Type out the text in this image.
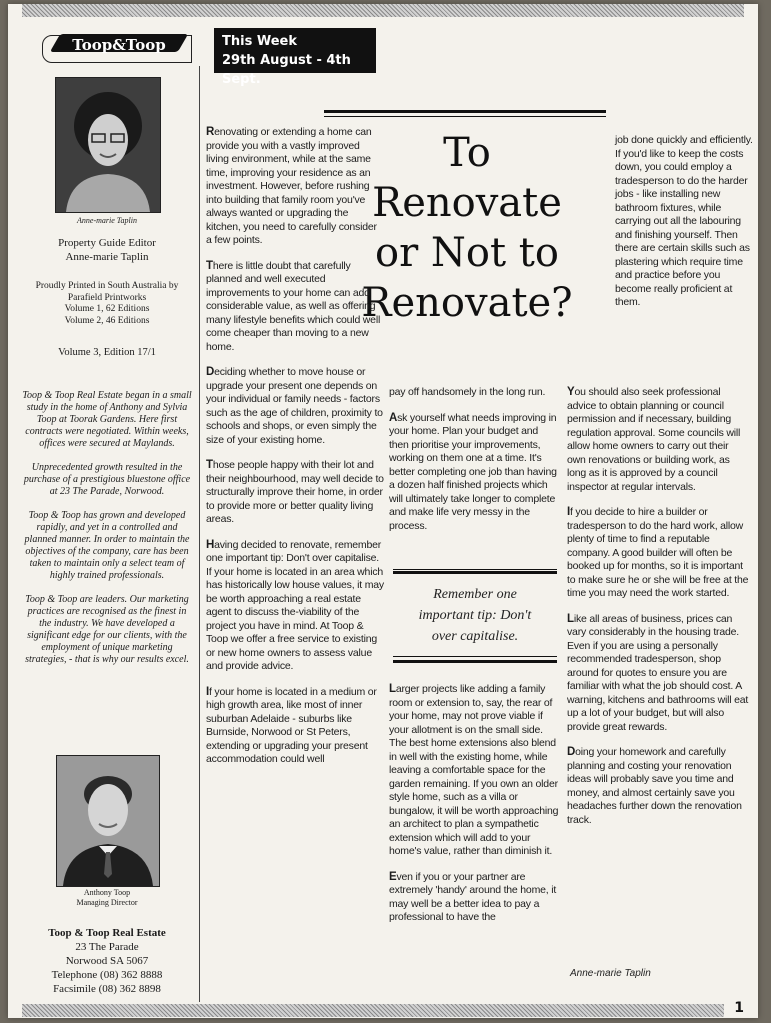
Toop&Toop	This Week
29th August - 4th Sept.
Anne-marie Taplin
Property Guide Editor
Anne-marie Taplin
Proudly Printed in South Australia by
Parafield Printworks
Volume 1, 62 Editions
Volume 2, 46 Editions
Volume 3, Edition 17/1

Toop & Toop Real Estate began in a small study in the home of Anthony and Sylvia Toop at Toorak Gardens. Here first contracts were negotiated. Within weeks, offices were secured at Maylands.

Unprecedented growth resulted in the purchase of a prestigious bluestone office at 23 The Parade, Norwood.

Toop & Toop has grown and developed rapidly, and yet in a controlled and planned manner. In order to maintain the objectives of the company, care has been taken to maintain only a select team of highly trained professionals.

Toop & Toop are leaders. Our marketing practices are recognised as the finest in the industry. We have developed a significant edge for our clients, with the employment of unique marketing strategies, - that is why our results excel.

Anthony Toop
Managing Director
Toop & Toop Real Estate
23 The Parade
Norwood SA 5067
Telephone (08) 362 8888
Facsimile (08) 362 8898
To
Renovate
or Not to
Renovate?

Renovating or extending a home can provide you with a vastly improved living environment, while at the same time, improving your residence as an investment. However, before rushing into building that family room you've always wanted or upgrading the kitchen, you need to carefully consider a few points.

There is little doubt that carefully planned and well executed improvements to your home can add considerable value, as well as offering many lifestyle benefits which could well come cheaper than moving to a new home.

Deciding whether to move house or upgrade your present one depends on your individual or family needs - factors such as the age of children, proximity to schools and shops, or even simply the size of your existing home.

Those people happy with their lot and their neighbourhood, may well decide to structurally improve their home, in order to provide more or better quality living areas.

Having decided to renovate, remember one important tip: Don't over capitalise. If your home is located in an area which has historically low house values, it may be worth approaching a real estate agent to discuss the-viability of the project you have in mind. At Toop & Toop we offer a free service to existing or new home owners to assess value and provide advice.

If your home is located in a medium or high growth area, like most of inner suburban Adelaide - suburbs like Burnside, Norwood or St Peters, extending or upgrading your present accommodation could well

pay off handsomely in the long run.

Ask yourself what needs improving in your home. Plan your budget and then prioritise your improvements, working on them one at a time. It's better completing one job than having a dozen half finished projects which will ultimately take longer to complete and make life very messy in the process.

Remember one
important tip: Don't
over capitalise.

Larger projects like adding a family room or extension to, say, the rear of your home, may not prove viable if your allotment is on the small side. The best home extensions also blend in well with the existing home, while leaving a comfortable space for the garden remaining. If you own an older style home, such as a villa or bungalow, it will be worth approaching an architect to plan a sympathetic extension which will add to your home's value, rather than diminish it.

Even if you or your partner are extremely 'handy' around the home, it may well be a better idea to pay a professional to have the

job done quickly and efficiently. If you'd like to keep the costs down, you could employ a tradesperson to do the harder jobs - like installing new bathroom fixtures, while carrying out all the labouring and finishing yourself. Then there are certain skills such as plastering which require time and practice before you become really proficient at them.

You should also seek professional advice to obtain planning or council permission and if necessary, building regulation approval. Some councils will allow home owners to carry out their own renovations or building work, as long as it is approved by a council inspector at regular intervals.

If you decide to hire a builder or tradesperson to do the hard work, allow plenty of time to find a reputable company. A good builder will often be booked up for months, so it is important to make sure he or she will be free at the time you may need the work started.

Like all areas of business, prices can vary considerably in the housing trade. Even if you are using a personally recommended tradesperson, shop around for quotes to ensure you are familiar with what the job should cost. A warning, kitchens and bathrooms will eat up a lot of your budget, but will also provide great rewards.

Doing your homework and carefully planning and costing your renovation ideas will probably save you time and money, and almost certainly save you headaches further down the renovation track.

Anne-marie Taplin
1
